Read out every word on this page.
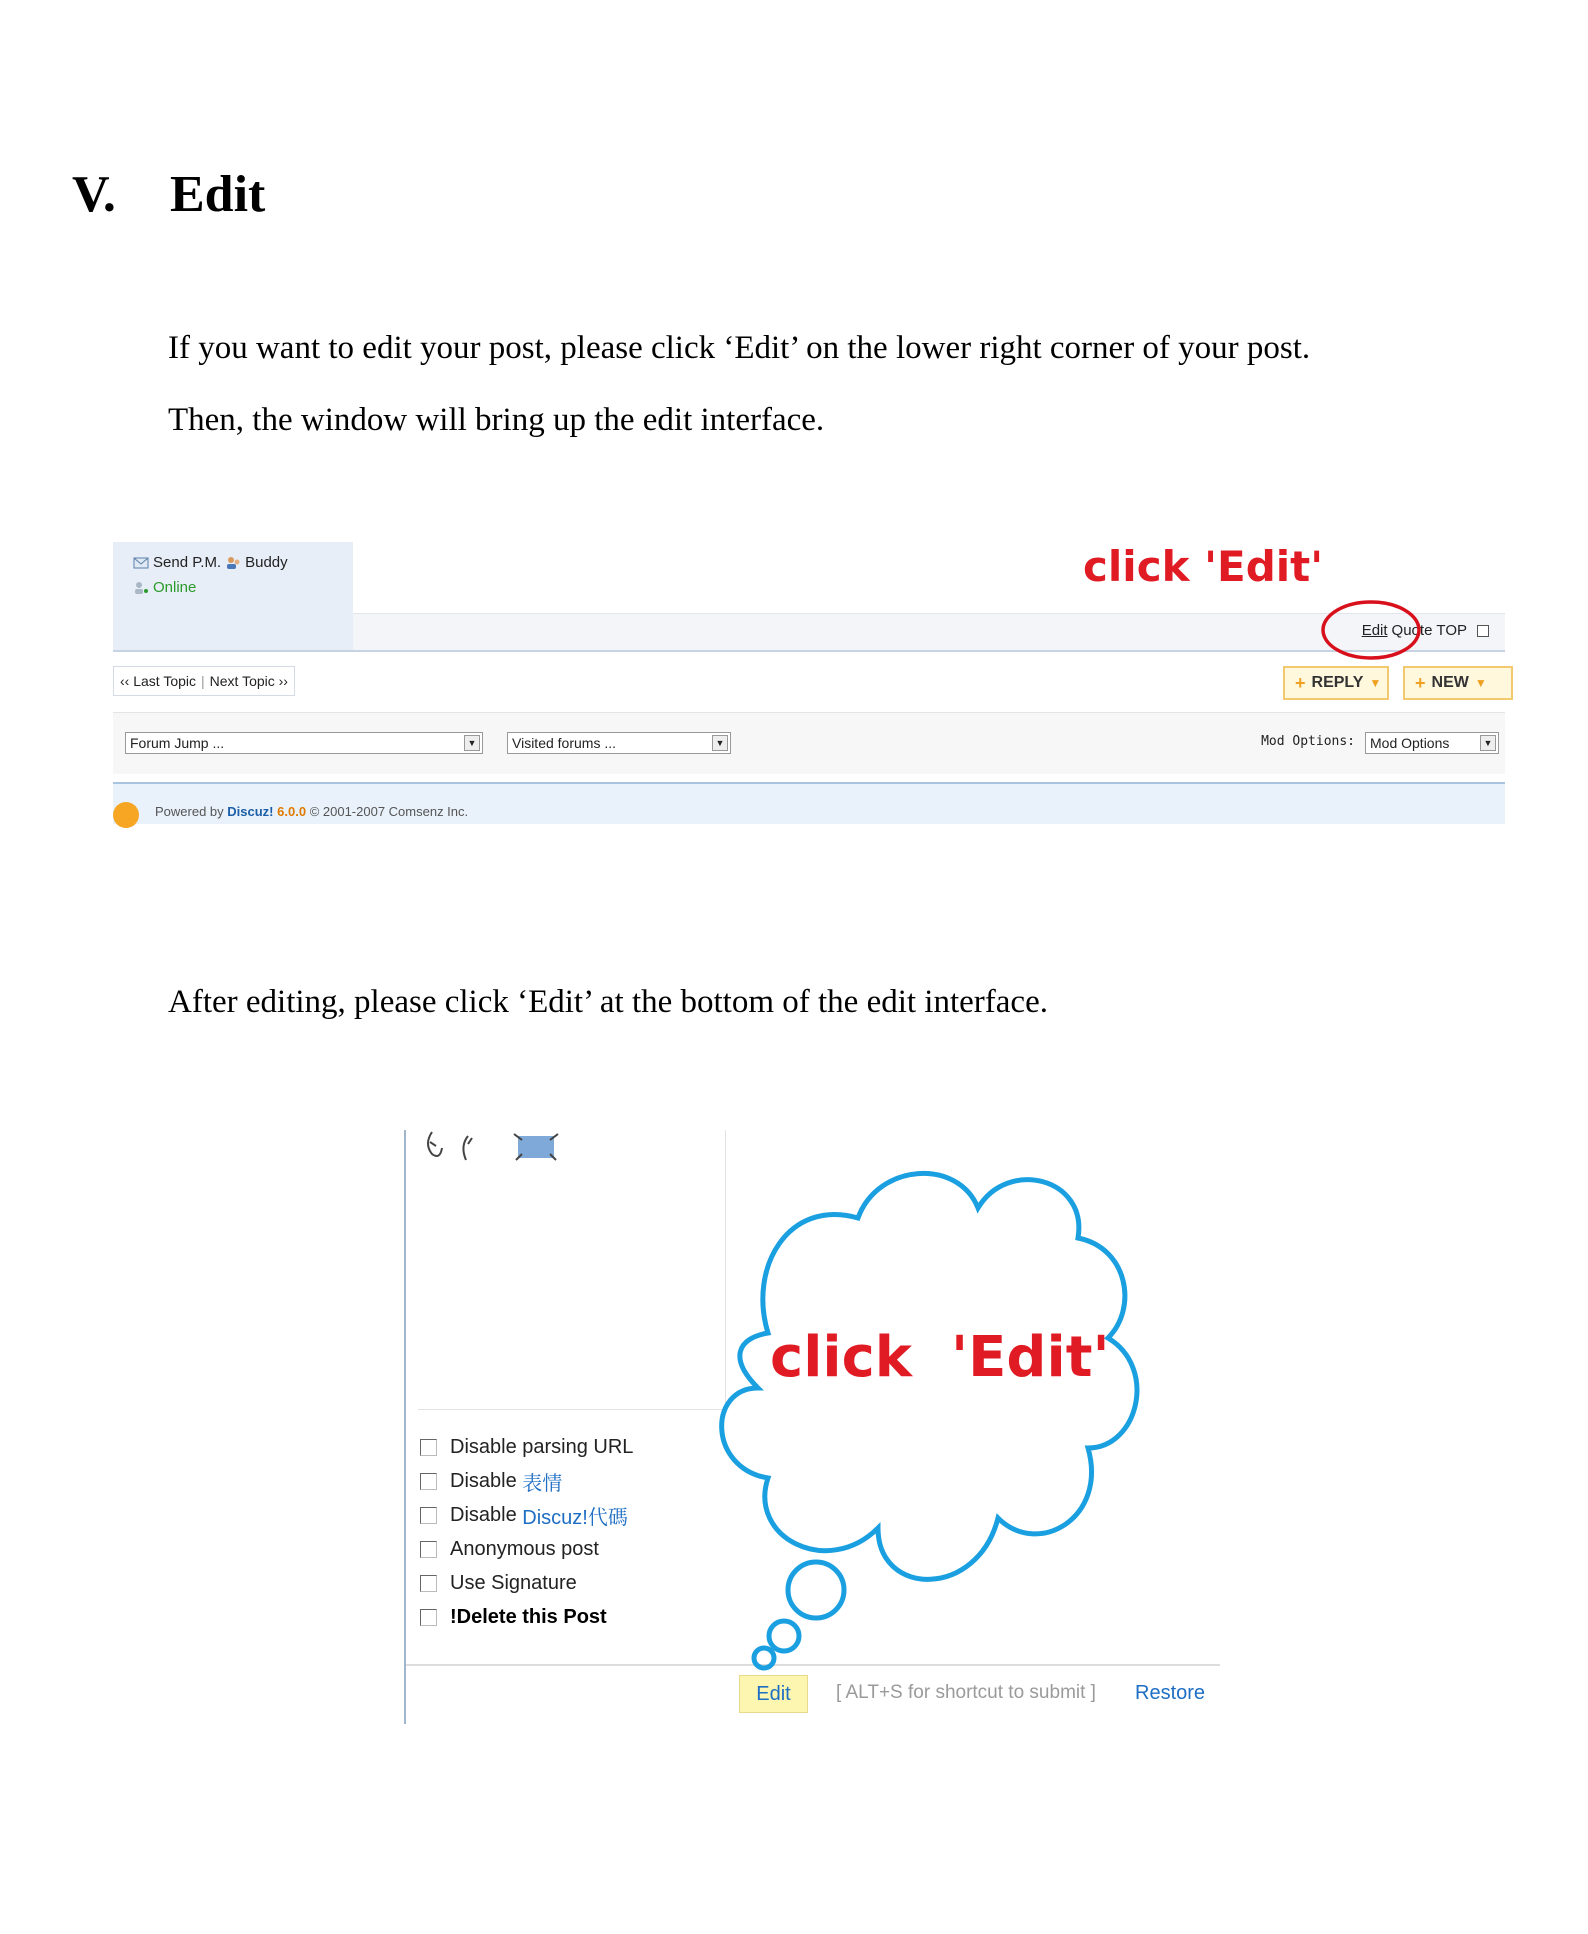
V.	Edit

If you want to edit your post, please click ‘Edit’ on the lower right corner of your post.

Then, the window will bring up the edit interface.

Send P.M. Buddy
Online
Edit Quote TOP
‹‹ Last Topic | Next Topic ››	+ REPLY ▼ + NEW ▼
Forum Jump ...	▼	Visited forums ...	▼	Mod Options: Mod Options	▼
Powered by Discuz! 6.0.0 © 2001-2007 Comsenz Inc.
click 'Edit'

After editing, please click ‘Edit’ at the bottom of the edit interface.

Disable parsing URL
Disable 表情
Disable Discuz!代碼
Anonymous post
Use Signature
!Delete this Post
Edit	[ ALT+S for shortcut to submit ] Restore
click  'Edit'
